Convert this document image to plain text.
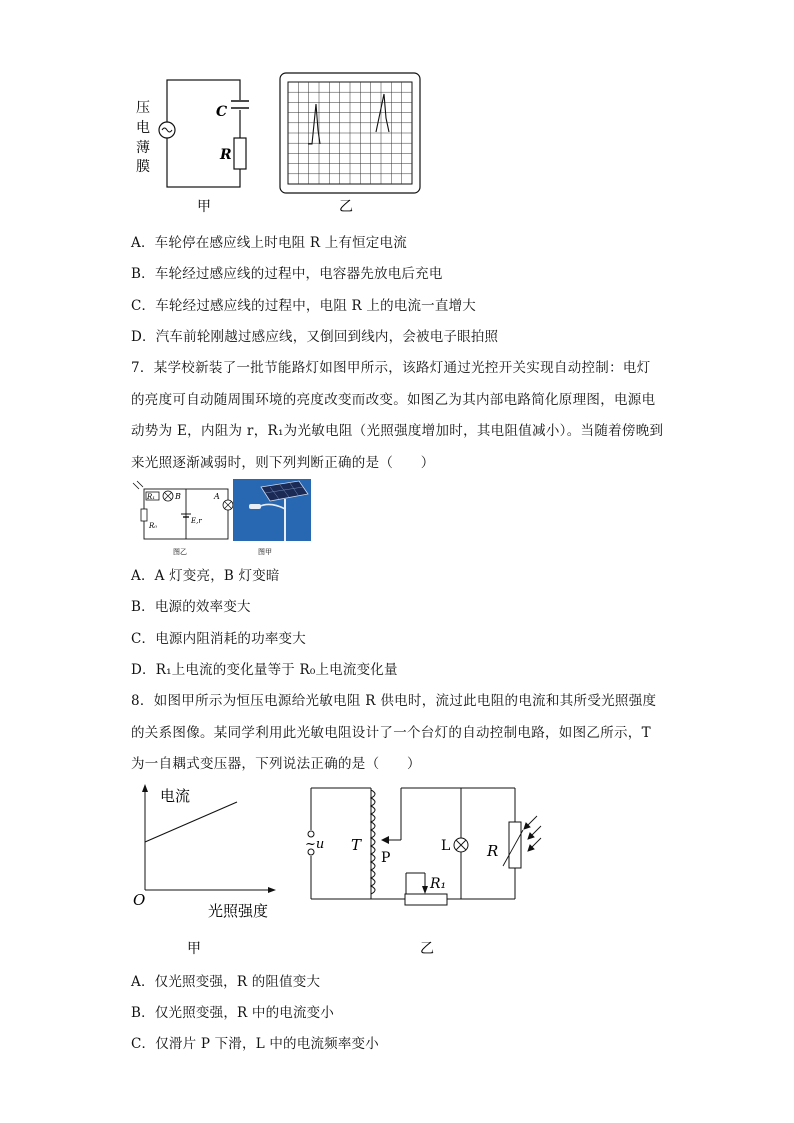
C
R
压
电
薄
膜
甲	乙
A．车轮停在感应线上时电阻 R 上有恒定电流
B．车轮经过感应线的过程中，电容器先放电后充电
C．车轮经过感应线的过程中，电阻 R 上的电流一直增大
D．汽车前轮刚越过感应线，又倒回到线内，会被电子眼拍照
7．某学校新装了一批节能路灯如图甲所示，该路灯通过光控开关实现自动控制：电灯
的亮度可自动随周围环境的亮度改变而改变。如图乙为其内部电路简化原理图，电源电
动势为 E，内阻为 r，R₁为光敏电阻（光照强度增加时，其电阻值减小）。当随着傍晚到
来光照逐渐减弱时，则下列判断正确的是（　　）
R₁ B
R₀
E,r
A
图乙	图甲
A．A 灯变亮，B 灯变暗
B．电源的效率变大
C．电源内阻消耗的功率变大
D．R₁上电流的变化量等于 R₀上电流变化量
8．如图甲所示为恒压电源给光敏电阻 R 供电时，流过此电阻的电流和其所受光照强度
的关系图像。某同学利用此光敏电阻设计了一个台灯的自动控制电路，如图乙所示，T
为一自耦式变压器，下列说法正确的是（　　）
电流
O
光照强度
甲
~u T
P
L R
R₁
乙
A．仅光照变强，R 的阻值变大
B．仅光照变强，R 中的电流变小
C．仅滑片 P 下滑，L 中的电流频率变小
